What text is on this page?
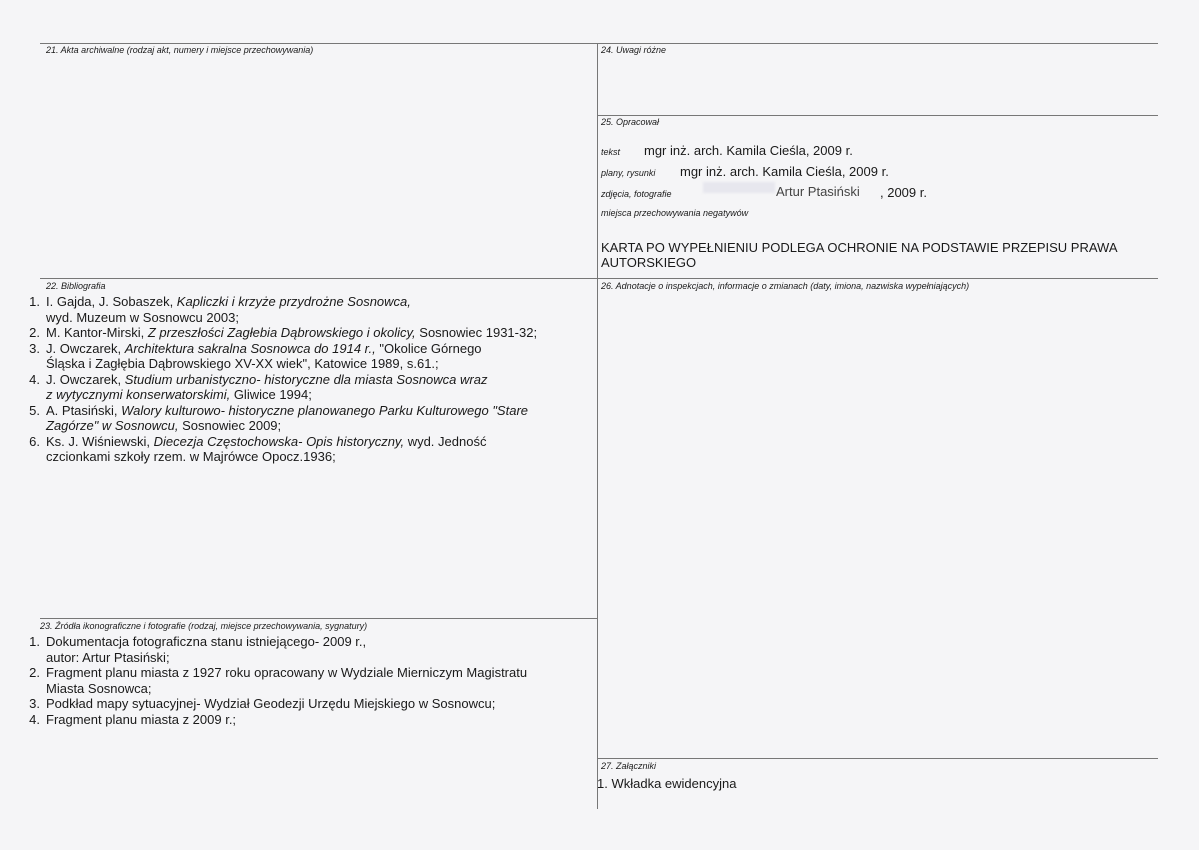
21. Akta archiwalne (rodzaj akt, numery i miejsce przechowywania)
22. Bibliografia
1. I. Gajda, J. Sobaszek, Kapliczki i krzyże przydrożne Sosnowca,
wyd. Muzeum w Sosnowcu 2003;
2. M. Kantor-Mirski, Z przeszłości Zagłebia Dąbrowskiego i okolicy, Sosnowiec 1931-32;
3. J. Owczarek, Architektura sakralna Sosnowca do 1914 r., "Okolice Górnego
Śląska i Zagłębia Dąbrowskiego XV-XX wiek", Katowice 1989, s.61.;
4. J. Owczarek, Studium urbanistyczno- historyczne dla miasta Sosnowca wraz
z wytycznymi konserwatorskimi, Gliwice 1994;
5. A. Ptasiński, Walory kulturowo- historyczne planowanego Parku Kulturowego "Stare
Zagórze" w Sosnowcu, Sosnowiec 2009;
6. Ks. J. Wiśniewski, Diecezja Częstochowska- Opis historyczny, wyd. Jedność
czcionkami szkoły rzem. w Majrówce Opocz.1936;
23. Źródła ikonograficzne i fotografie (rodzaj, miejsce przechowywania, sygnatury)
1. Dokumentacja fotograficzna stanu istniejącego- 2009 r.,
autor: Artur Ptasiński;
2. Fragment planu miasta z 1927 roku opracowany w Wydziale Mierniczym Magistratu
Miasta Sosnowca;
3. Podkład mapy sytuacyjnej- Wydział Geodezji Urzędu Miejskiego w Sosnowcu;
4. Fragment planu miasta z 2009 r.;
24. Uwagi różne
25. Opracował
tekst mgr inż. arch. Kamila Cieśla, 2009 r.
plany, rysunki mgr inż. arch. Kamila Cieśla, 2009 r.
zdjęcia, fotografie	Artur Ptasiński , 2009 r.
miejsca przechowywania negatywów
KARTA PO WYPEŁNIENIU PODLEGA OCHRONIE NA PODSTAWIE PRZEPISU PRAWA AUTORSKIEGO
26. Adnotacje o inspekcjach, informacje o zmianach (daty, imiona, nazwiska wypełniających)
27. Załączniki
1. Wkładka ewidencyjna
